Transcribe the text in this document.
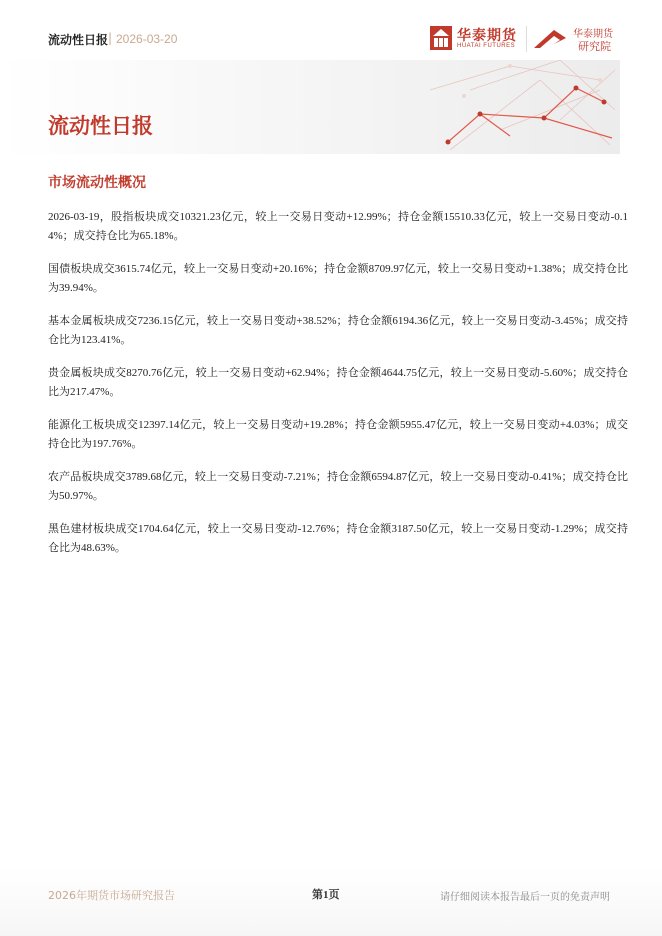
流动性日报 | 2026-03-20	华泰期货
HUATAI FUTURES
华泰期货
研究院
流动性日报
市场流动性概况

2026-03-19，股指板块成交10321.23亿元，较上一交易日变动+12.99%；持仓金额15510.33亿元，较上一交易日变动-0.14%；成交持仓比为65.18%。

国债板块成交3615.74亿元，较上一交易日变动+20.16%；持仓金额8709.97亿元，较上一交易日变动+1.38%；成交持仓比为39.94%。

基本金属板块成交7236.15亿元，较上一交易日变动+38.52%；持仓金额6194.36亿元，较上一交易日变动-3.45%；成交持仓比为123.41%。

贵金属板块成交8270.76亿元，较上一交易日变动+62.94%；持仓金额4644.75亿元，较上一交易日变动-5.60%；成交持仓比为217.47%。

能源化工板块成交12397.14亿元，较上一交易日变动+19.28%；持仓金额5955.47亿元，较上一交易日变动+4.03%；成交持仓比为197.76%。

农产品板块成交3789.68亿元，较上一交易日变动-7.21%；持仓金额6594.87亿元，较上一交易日变动-0.41%；成交持仓比为50.97%。

黑色建材板块成交1704.64亿元，较上一交易日变动-12.76%；持仓金额3187.50亿元，较上一交易日变动-1.29%；成交持仓比为48.63%。

2026年期货市场研究报告	第1页	请仔细阅读本报告最后一页的免责声明
